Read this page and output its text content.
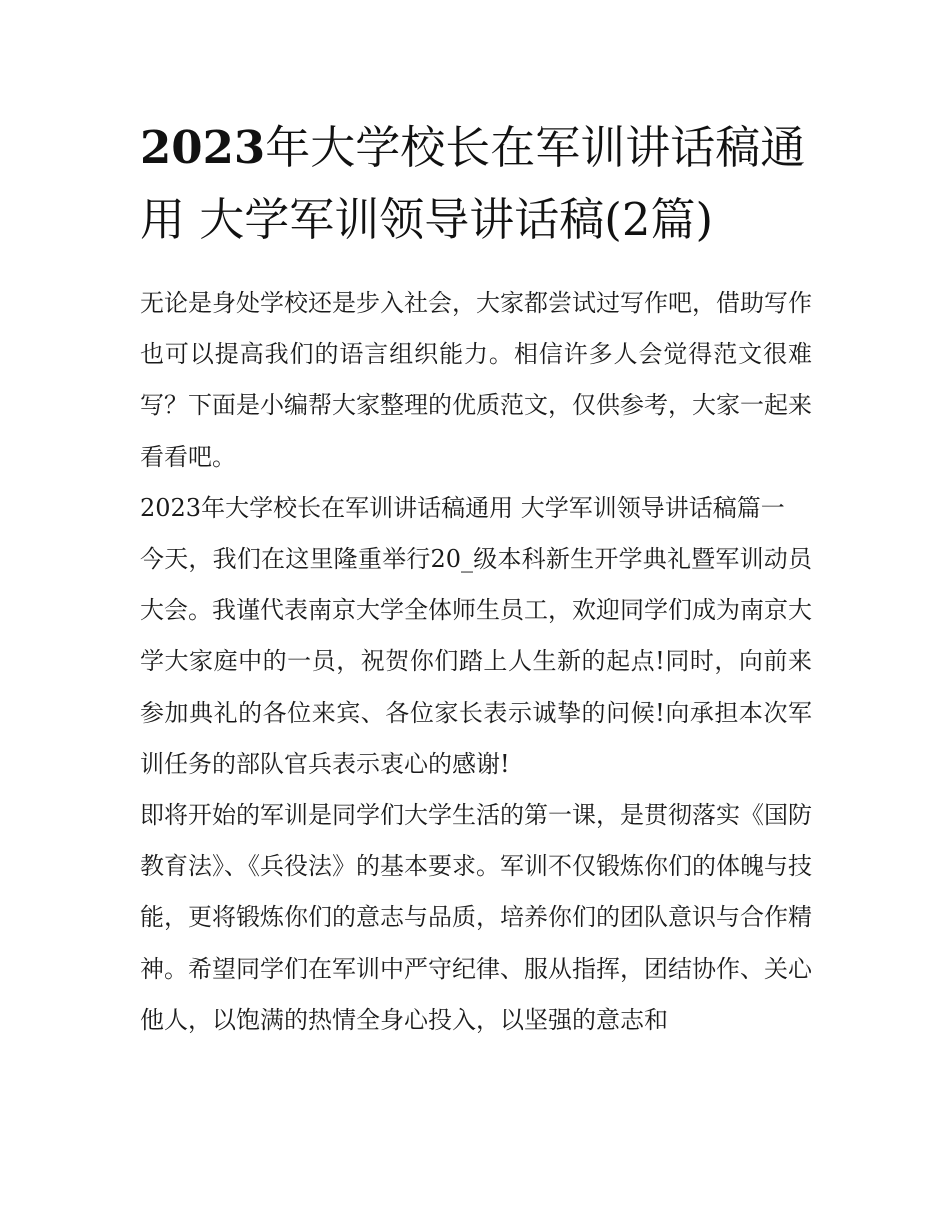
2023年大学校长在军训讲话稿通用 大学军训领导讲话稿(2篇)

无论是身处学校还是步入社会，大家都尝试过写作吧，借助写作也可以提高我们的语言组织能力。相信许多人会觉得范文很难写？下面是小编帮大家整理的优质范文，仅供参考，大家一起来看看吧。

2023年大学校长在军训讲话稿通用 大学军训领导讲话稿篇一

今天，我们在这里隆重举行20_级本科新生开学典礼暨军训动员大会。我谨代表南京大学全体师生员工，欢迎同学们成为南京大学大家庭中的一员，祝贺你们踏上人生新的起点!同时，向前来参加典礼的各位来宾、各位家长表示诚挚的问候!向承担本次军训任务的部队官兵表示衷心的感谢!

即将开始的军训是同学们大学生活的第一课，是贯彻落实《国防教育法》、《兵役法》的基本要求。军训不仅锻炼你们的体魄与技能，更将锻炼你们的意志与品质，培养你们的团队意识与合作精神。希望同学们在军训中严守纪律、服从指挥，团结协作、关心他人，以饱满的热情全身心投入，以坚强的意志和
